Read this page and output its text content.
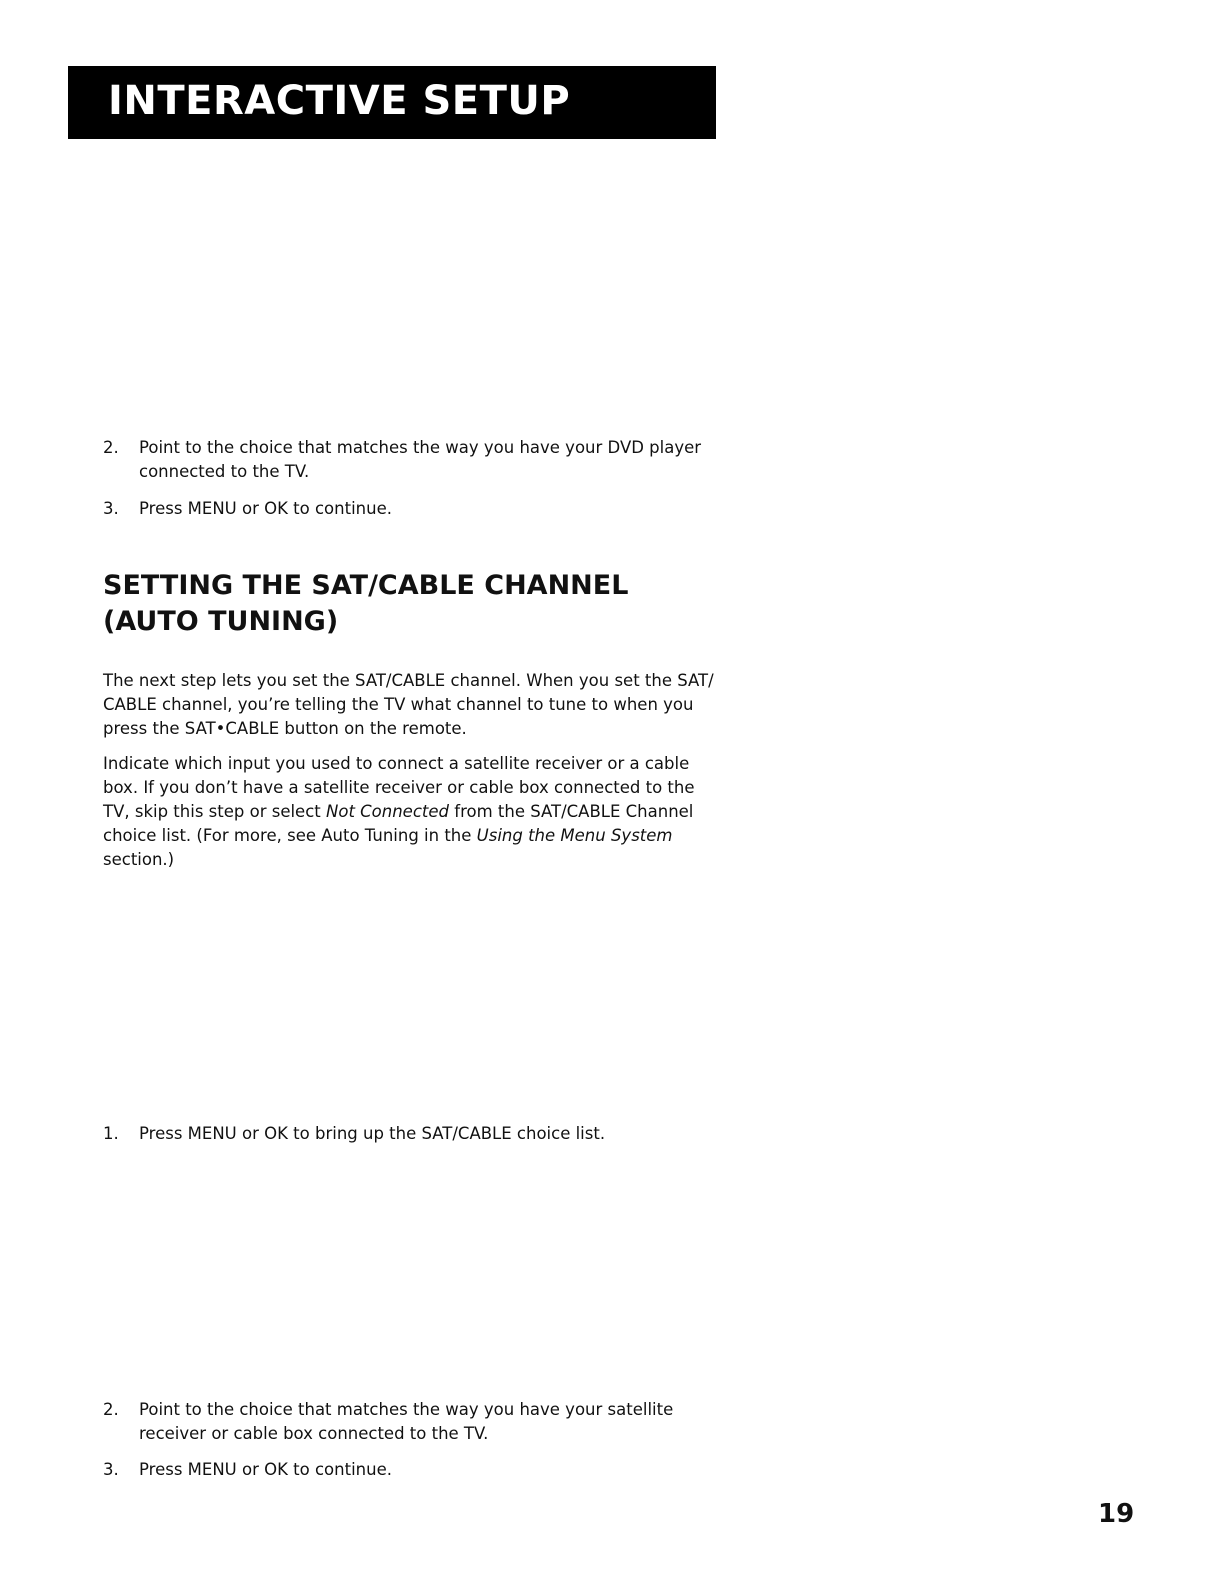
INTERACTIVE SETUP
2. Point to the choice that matches the way you have your DVD player connected to the TV.
3. Press MENU or OK to continue.
SETTING THE SAT/CABLE CHANNEL (AUTO TUNING)

The next step lets you set the SAT/CABLE channel. When you set the SAT/ CABLE channel, you’re telling the TV what channel to tune to when you press the SAT•CABLE button on the remote.

Indicate which input you used to connect a satellite receiver or a cable box. If you don’t have a satellite receiver or cable box connected to the TV, skip this step or select Not Connected from the SAT/CABLE Channel choice list. (For more, see Auto Tuning in the Using the Menu System section.)

1. Press MENU or OK to bring up the SAT/CABLE choice list.
2. Point to the choice that matches the way you have your satellite receiver or cable box connected to the TV.
3. Press MENU or OK to continue.
19
